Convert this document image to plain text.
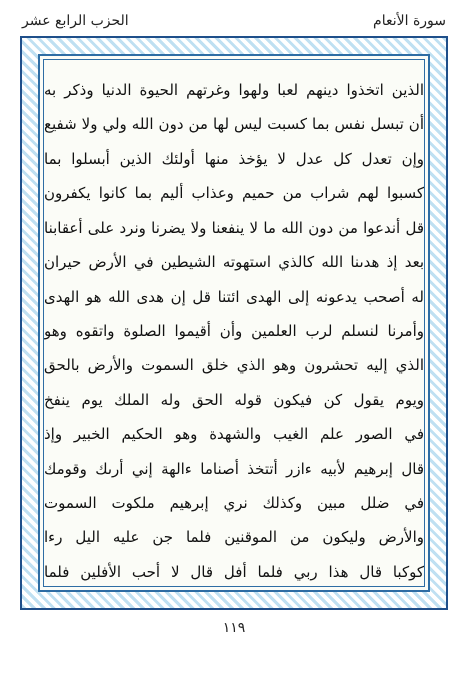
الحزب الرابع عشر	سورة الأنعام
الذين اتخذوا دينهم لعبا ولهوا وغرتهم الحيوة الدنيا وذكر به
أن تبسل نفس بما كسبت ليس لها من دون الله ولي ولا شفيع
وإن تعدل كل عدل لا يؤخذ منها أولئك الذين أبسلوا بما
كسبوا لهم شراب من حميم وعذاب أليم بما كانوا يكفرون
قل أندعوا من دون الله ما لا ينفعنا ولا يضرنا ونرد على أعقابنا
بعد إذ هدىنا الله كالذي استهوته الشيطين في الأرض حيران
له أصحب يدعونه إلى الهدى ائتنا قل إن هدى الله هو الهدى
وأمرنا لنسلم لرب العلمين وأن أقيموا الصلوة واتقوه وهو
الذي إليه تحشرون وهو الذي خلق السموت والأرض بالحق
ويوم يقول كن فيكون قوله الحق وله الملك يوم ينفخ
في الصور علم الغيب والشهدة وهو الحكيم الخبير وإذ
قال إبرهيم لأبيه ءازر أتتخذ أصناما ءالهة إني أرىك وقومك
في ضلل مبين وكذلك نري إبرهيم ملكوت السموت
والأرض وليكون من الموقنين فلما جن عليه اليل رءا
كوكبا قال هذا ربي فلما أفل قال لا أحب الأفلين فلما
١١٩
